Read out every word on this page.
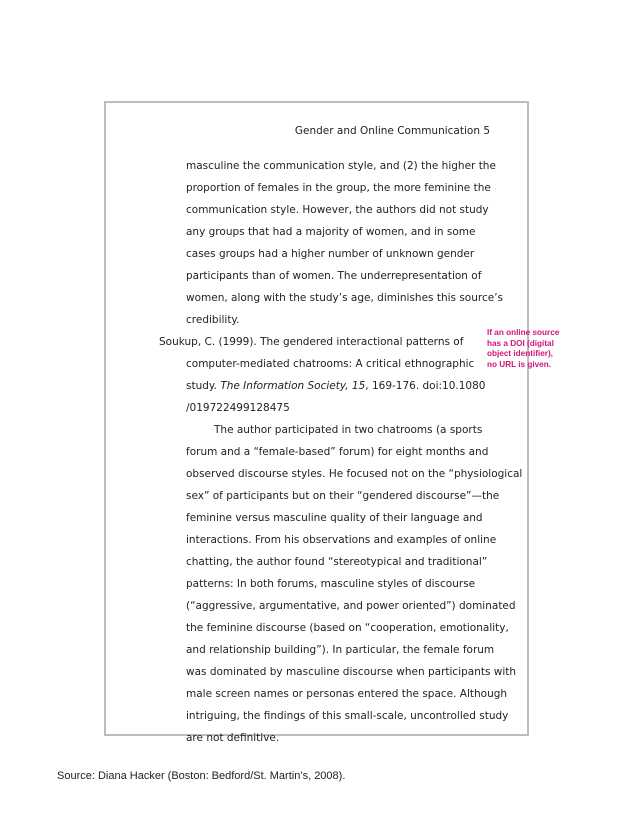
Gender and Online Communication 5
masculine the communication style, and (2) the higher the
proportion of females in the group, the more feminine the
communication style. However, the authors did not study
any groups that had a majority of women, and in some
cases groups had a higher number of unknown gender
participants than of women. The underrepresentation of
women, along with the study’s age, diminishes this source’s
credibility.
Soukup, C. (1999). The gendered interactional patterns of
computer-mediated chatrooms: A critical ethnographic
study. The Information Society, 15, 169-176. doi:10.1080
/019722499128475
The author participated in two chatrooms (a sports
forum and a “female-based” forum) for eight months and
observed discourse styles. He focused not on the “physiological
sex” of participants but on their “gendered discourse”—the
feminine versus masculine quality of their language and
interactions. From his observations and examples of online
chatting, the author found “stereotypical and traditional”
patterns: In both forums, masculine styles of discourse
(“aggressive, argumentative, and power oriented”) dominated
the feminine discourse (based on “cooperation, emotionality,
and relationship building”). In particular, the female forum
was dominated by masculine discourse when participants with
male screen names or personas entered the space. Although
intriguing, the findings of this small-scale, uncontrolled study
are not definitive.
If an online source
has a DOI (digital
object identifier),
no URL is given.
Source: Diana Hacker (Boston: Bedford/St. Martin’s, 2008).
